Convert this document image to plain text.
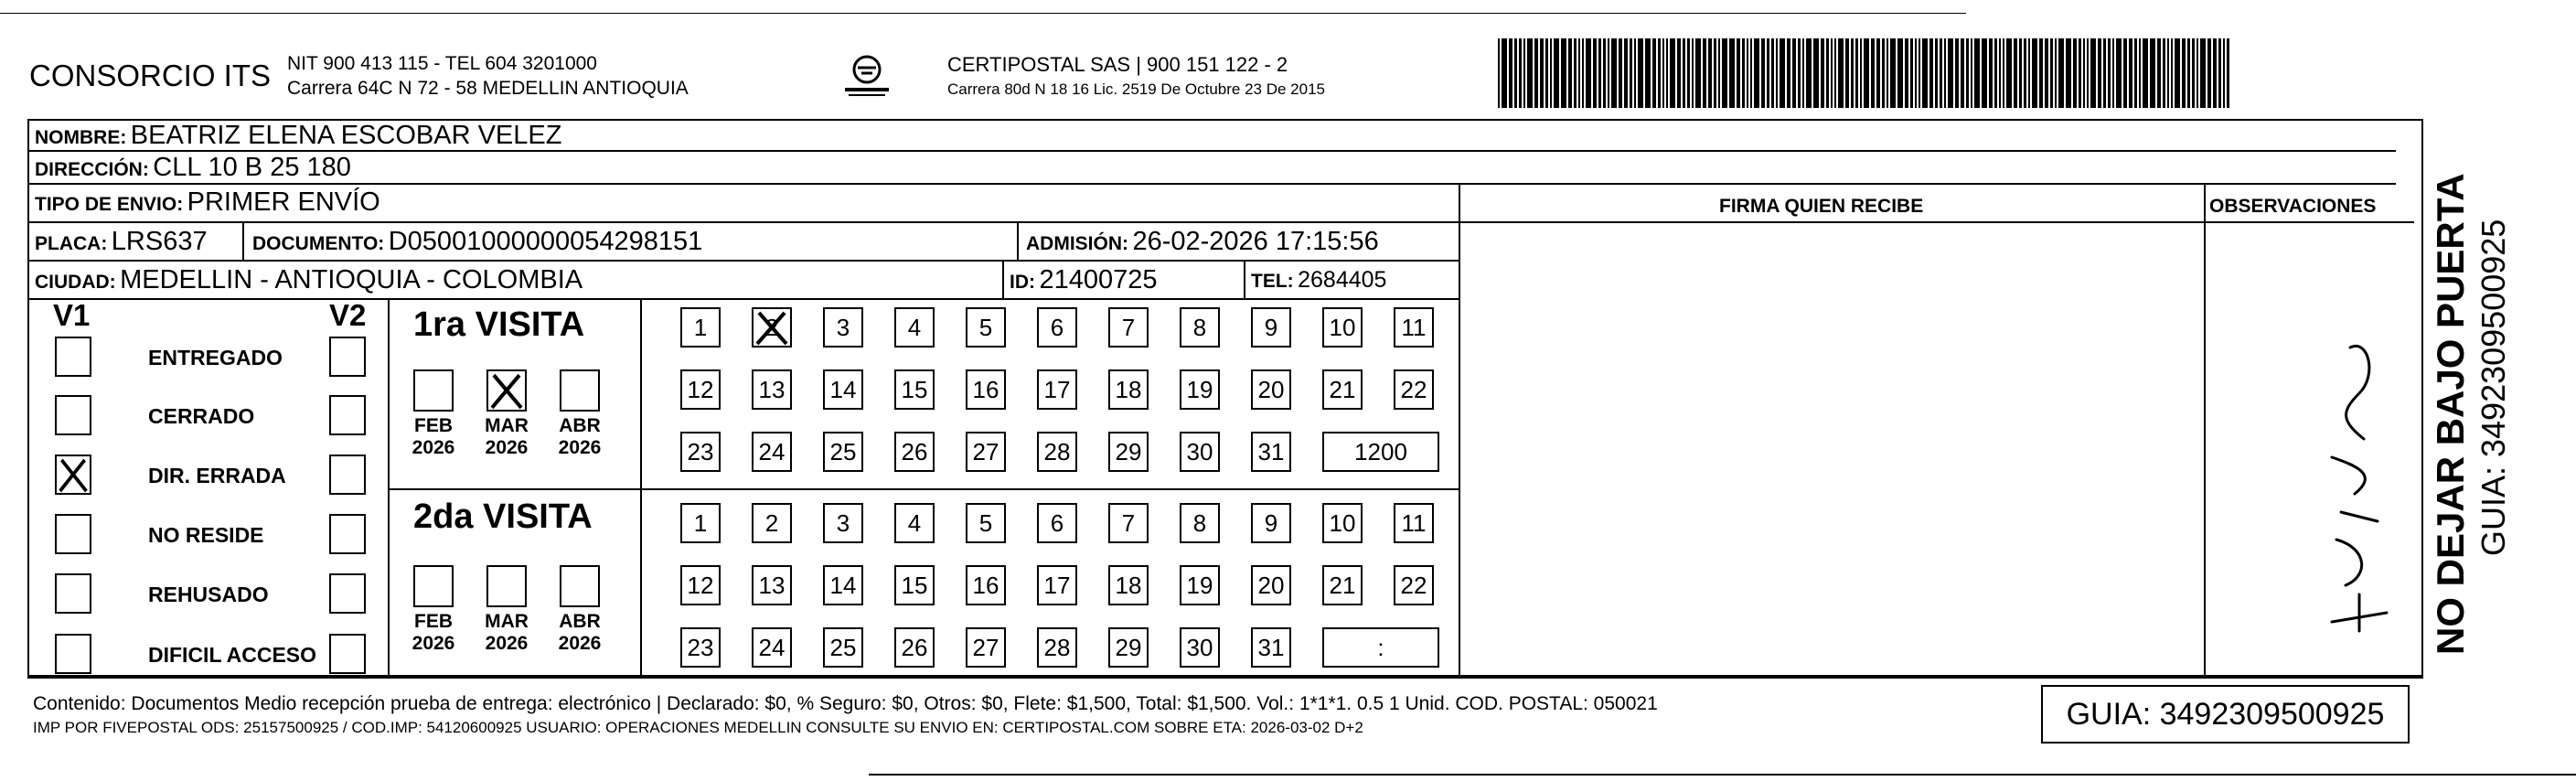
CONSORCIO ITS NIT 900 413 115 - TEL 604 3201000
Carrera 64C N 72 - 58 MEDELLIN ANTIOQUIA
CERTIPOSTAL SAS | 900 151 122 - 2
Carrera 80d N 18 16 Lic. 2519 De Octubre 23 De 2015
NOMBRE: BEATRIZ ELENA ESCOBAR VELEZ
DIRECCIÓN: CLL 10 B 25 180
TIPO DE ENVIO: PRIMER ENVÍO	FIRMA QUIEN RECIBE	OBSERVACIONES
PLACA: LRS637 DOCUMENTO: D05001000000054298151	ADMISIÓN: 26-02-2026 17:15:56
CIUDAD: MEDELLIN - ANTIOQUIA - COLOMBIA	ID: 21400725	TEL: 2684405
V1	V2
ENTREGADO
CERRADO
DIR. ERRADA
NO RESIDE
REHUSADO
DIFICIL ACCESO
1ra VISITA
2da VISITA
FEB
2026
MAR
2026
ABR
2026
FEB
2026
MAR
2026
ABR
2026
1	2	3	4	5	6	7	8	9	10	11
12 13 14 15 16 17 18 19 20 21 22
23 24 25 26 27 28 29 30 31	1200
1	2	3	4	5	6	7	8	9	10	11
12 13 14 15 16 17 18 19 20 21 22
23 24 25 26 27 28 29 30 31	:
Contenido: Documentos Medio recepción prueba de entrega: electrónico | Declarado: $0, % Seguro: $0, Otros: $0, Flete: $1,500, Total: $1,500. Vol.: 1*1*1. 0.5 1 Unid. COD. POSTAL: 050021
IMP POR FIVEPOSTAL ODS: 25157500925 / COD.IMP: 54120600925 USUARIO: OPERACIONES MEDELLIN CONSULTE SU ENVIO EN: CERTIPOSTAL.COM SOBRE ETA: 2026-03-02 D+2	GUIA: 3492309500925
NO DEJAR BAJO PUERTA GUIA: 3492309500925
